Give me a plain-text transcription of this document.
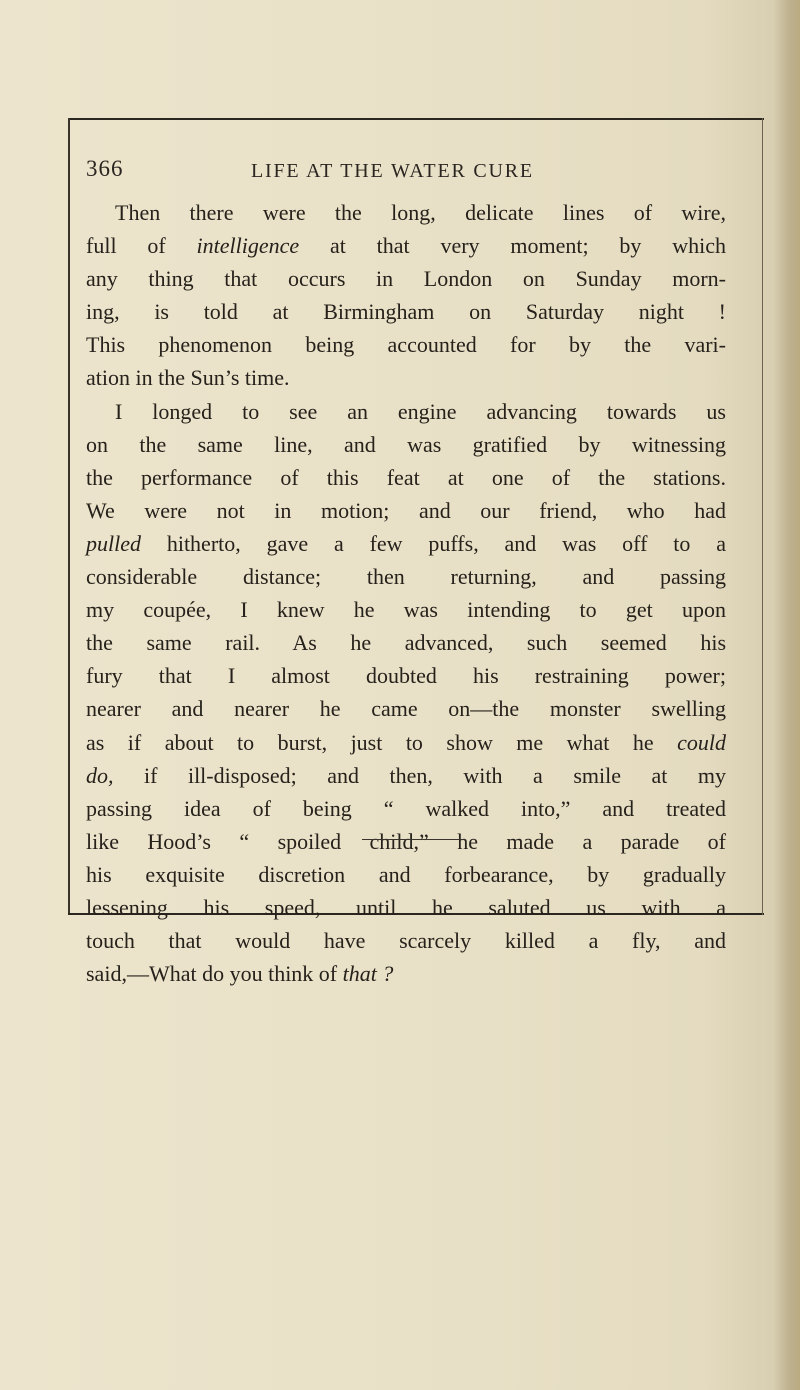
366	LIFE AT THE WATER CURE
Then there were the long, delicate lines of wire,
full of intelligence at that very moment; by which
any thing that occurs in London on Sunday morn-
ing, is told at Birmingham on Saturday night !
This phenomenon being accounted for by the vari-
ation in the Sun’s time.
I longed to see an engine advancing towards us
on the same line, and was gratified by witnessing
the performance of this feat at one of the stations.
We were not in motion; and our friend, who had
pulled hitherto, gave a few puffs, and was off to a
considerable distance; then returning, and passing
my coupée, I knew he was intending to get upon
the same rail. As he advanced, such seemed his
fury that I almost doubted his restraining power;
nearer and nearer he came on—the monster swelling
as if about to burst, just to show me what he could
do, if ill-disposed; and then, with a smile at my
passing idea of being “ walked into,” and treated
like Hood’s “ spoiled child,” he made a parade of
his exquisite discretion and forbearance, by gradually
lessening his speed, until he saluted us with a
touch that would have scarcely killed a fly, and
said,—What do you think of that ?
